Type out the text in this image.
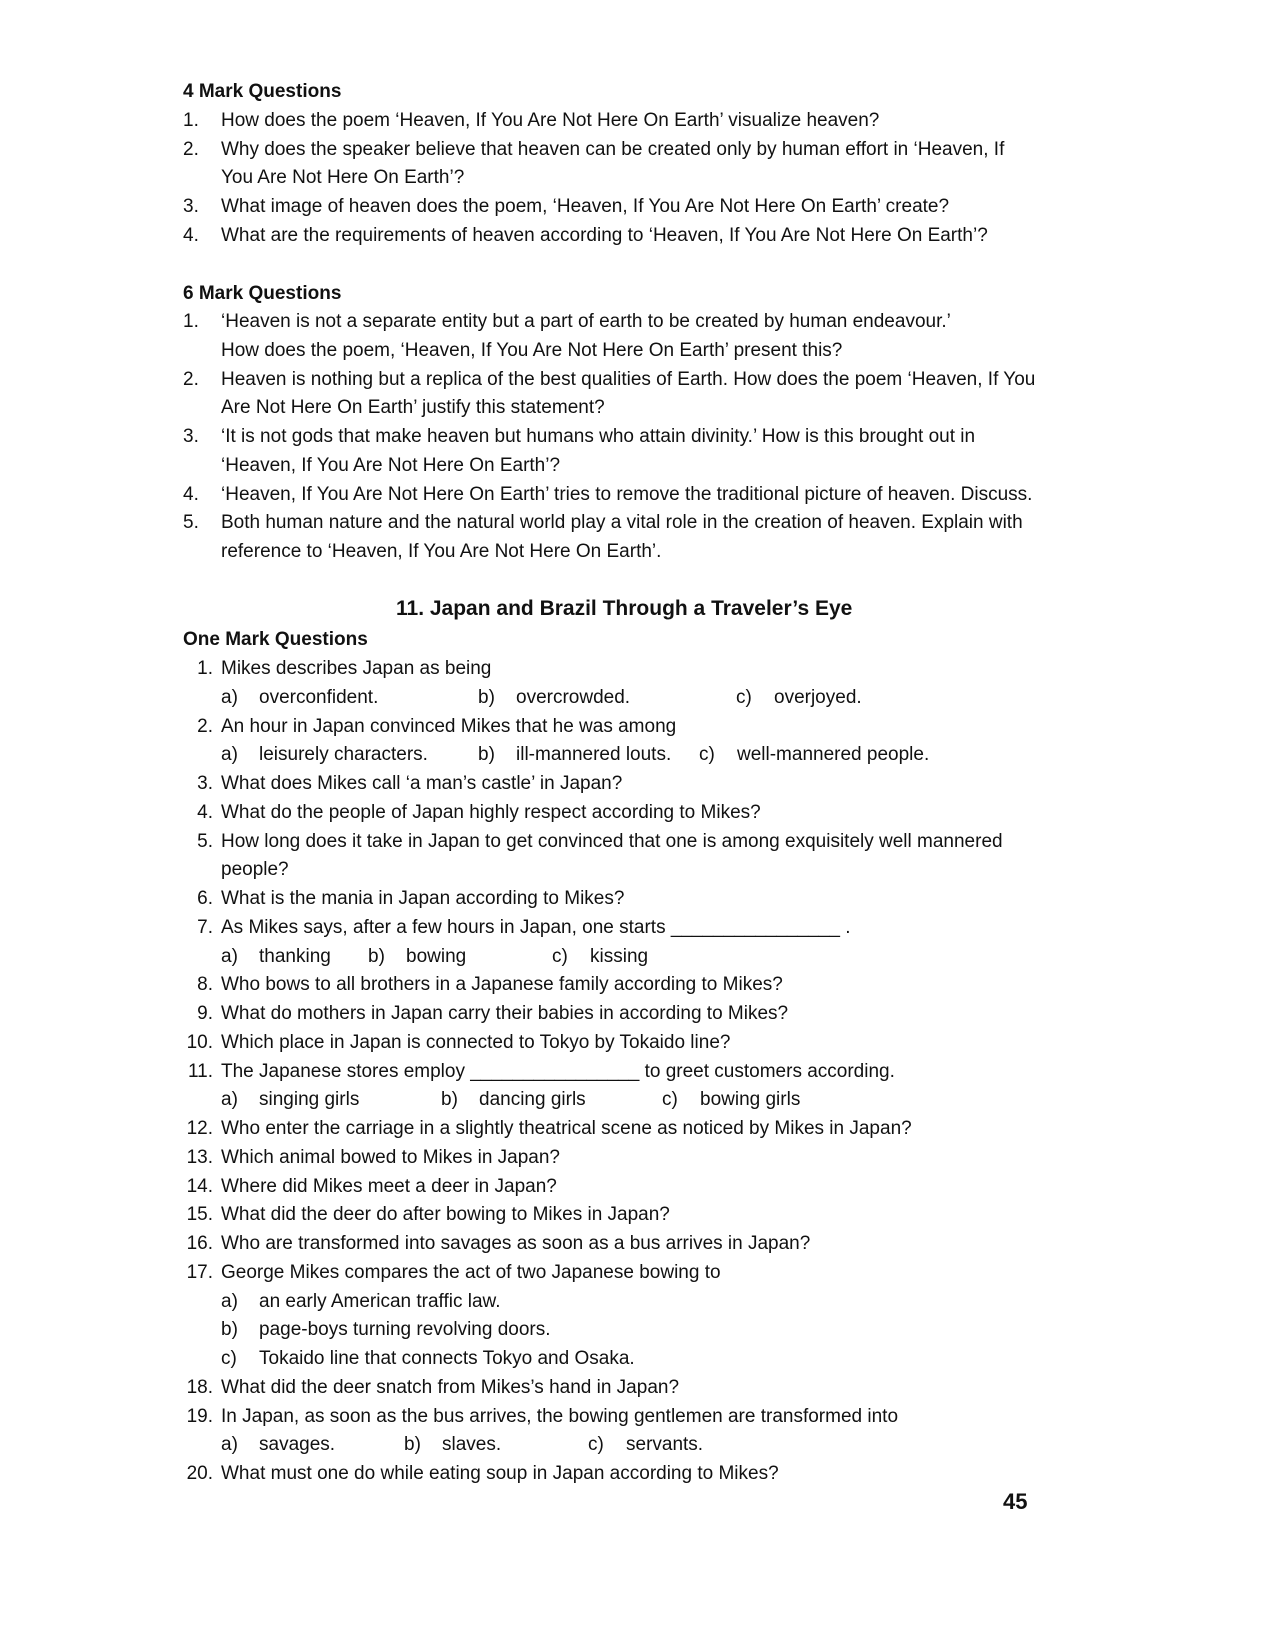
4 Mark Questions
1. How does the poem ‘Heaven, If You Are Not Here On Earth’ visualize heaven?
2. Why does the speaker believe that heaven can be created only by human effort in ‘Heaven, If
You Are Not Here On Earth’?
3. What image of heaven does the poem, ‘Heaven, If You Are Not Here On Earth’ create?
4. What are the requirements of heaven according to ‘Heaven, If You Are Not Here On Earth’?
6 Mark Questions
1. ‘Heaven is not a separate entity but a part of earth to be created by human endeavour.’
How does the poem, ‘Heaven, If You Are Not Here On Earth’ present this?
2. Heaven is nothing but a replica of the best qualities of Earth. How does the poem ‘Heaven, If You
Are Not Here On Earth’ justify this statement?
3. ‘It is not gods that make heaven but humans who attain divinity.’ How is this brought out in
‘Heaven, If You Are Not Here On Earth’?
4. ‘Heaven, If You Are Not Here On Earth’ tries to remove the traditional picture of heaven. Discuss.
5. Both human nature and the natural world play a vital role in the creation of heaven. Explain with
reference to ‘Heaven, If You Are Not Here On Earth’.
11. Japan and Brazil Through a Traveler’s Eye
One Mark Questions
1. Mikes describes Japan as being
a) overconfident.	b) overcrowded.	c) overjoyed.
2. An hour in Japan convinced Mikes that he was among
a) leisurely characters.	b) ill-mannered louts. c) well-mannered people.
3. What does Mikes call ‘a man’s castle’ in Japan?
4. What do the people of Japan highly respect according to Mikes?
5. How long does it take in Japan to get convinced that one is among exquisitely well mannered
people?
6. What is the mania in Japan according to Mikes?
7. As Mikes says, after a few hours in Japan, one starts ________________ .
a) thanking b) bowing	c) kissing
8. Who bows to all brothers in a Japanese family according to Mikes?
9. What do mothers in Japan carry their babies in according to Mikes?
10. Which place in Japan is connected to Tokyo by Tokaido line?
11. The Japanese stores employ ________________ to greet customers according.
a) singing girls	b) dancing girls	c) bowing girls
12. Who enter the carriage in a slightly theatrical scene as noticed by Mikes in Japan?
13. Which animal bowed to Mikes in Japan?
14. Where did Mikes meet a deer in Japan?
15. What did the deer do after bowing to Mikes in Japan?
16. Who are transformed into savages as soon as a bus arrives in Japan?
17. George Mikes compares the act of two Japanese bowing to
a) an early American traffic law.
b) page-boys turning revolving doors.
c) Tokaido line that connects Tokyo and Osaka.
18. What did the deer snatch from Mikes’s hand in Japan?
19. In Japan, as soon as the bus arrives, the bowing gentlemen are transformed into
a) savages.	b) slaves.	c) servants.
20. What must one do while eating soup in Japan according to Mikes?
45
